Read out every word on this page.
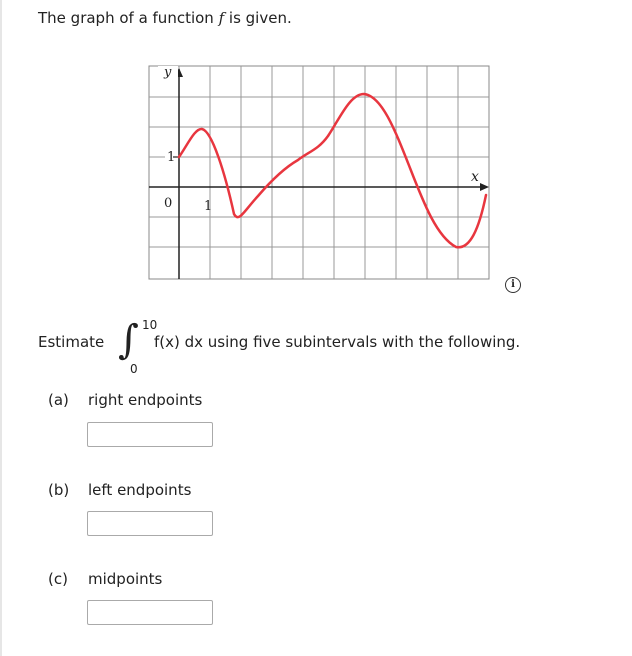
The graph of a function f is given.
y
1
x
0 1
i
Estimate ∫ 10
0
f(x) dx using five subintervals with the following.
(a) right endpoints
(b) left endpoints
(c) midpoints
